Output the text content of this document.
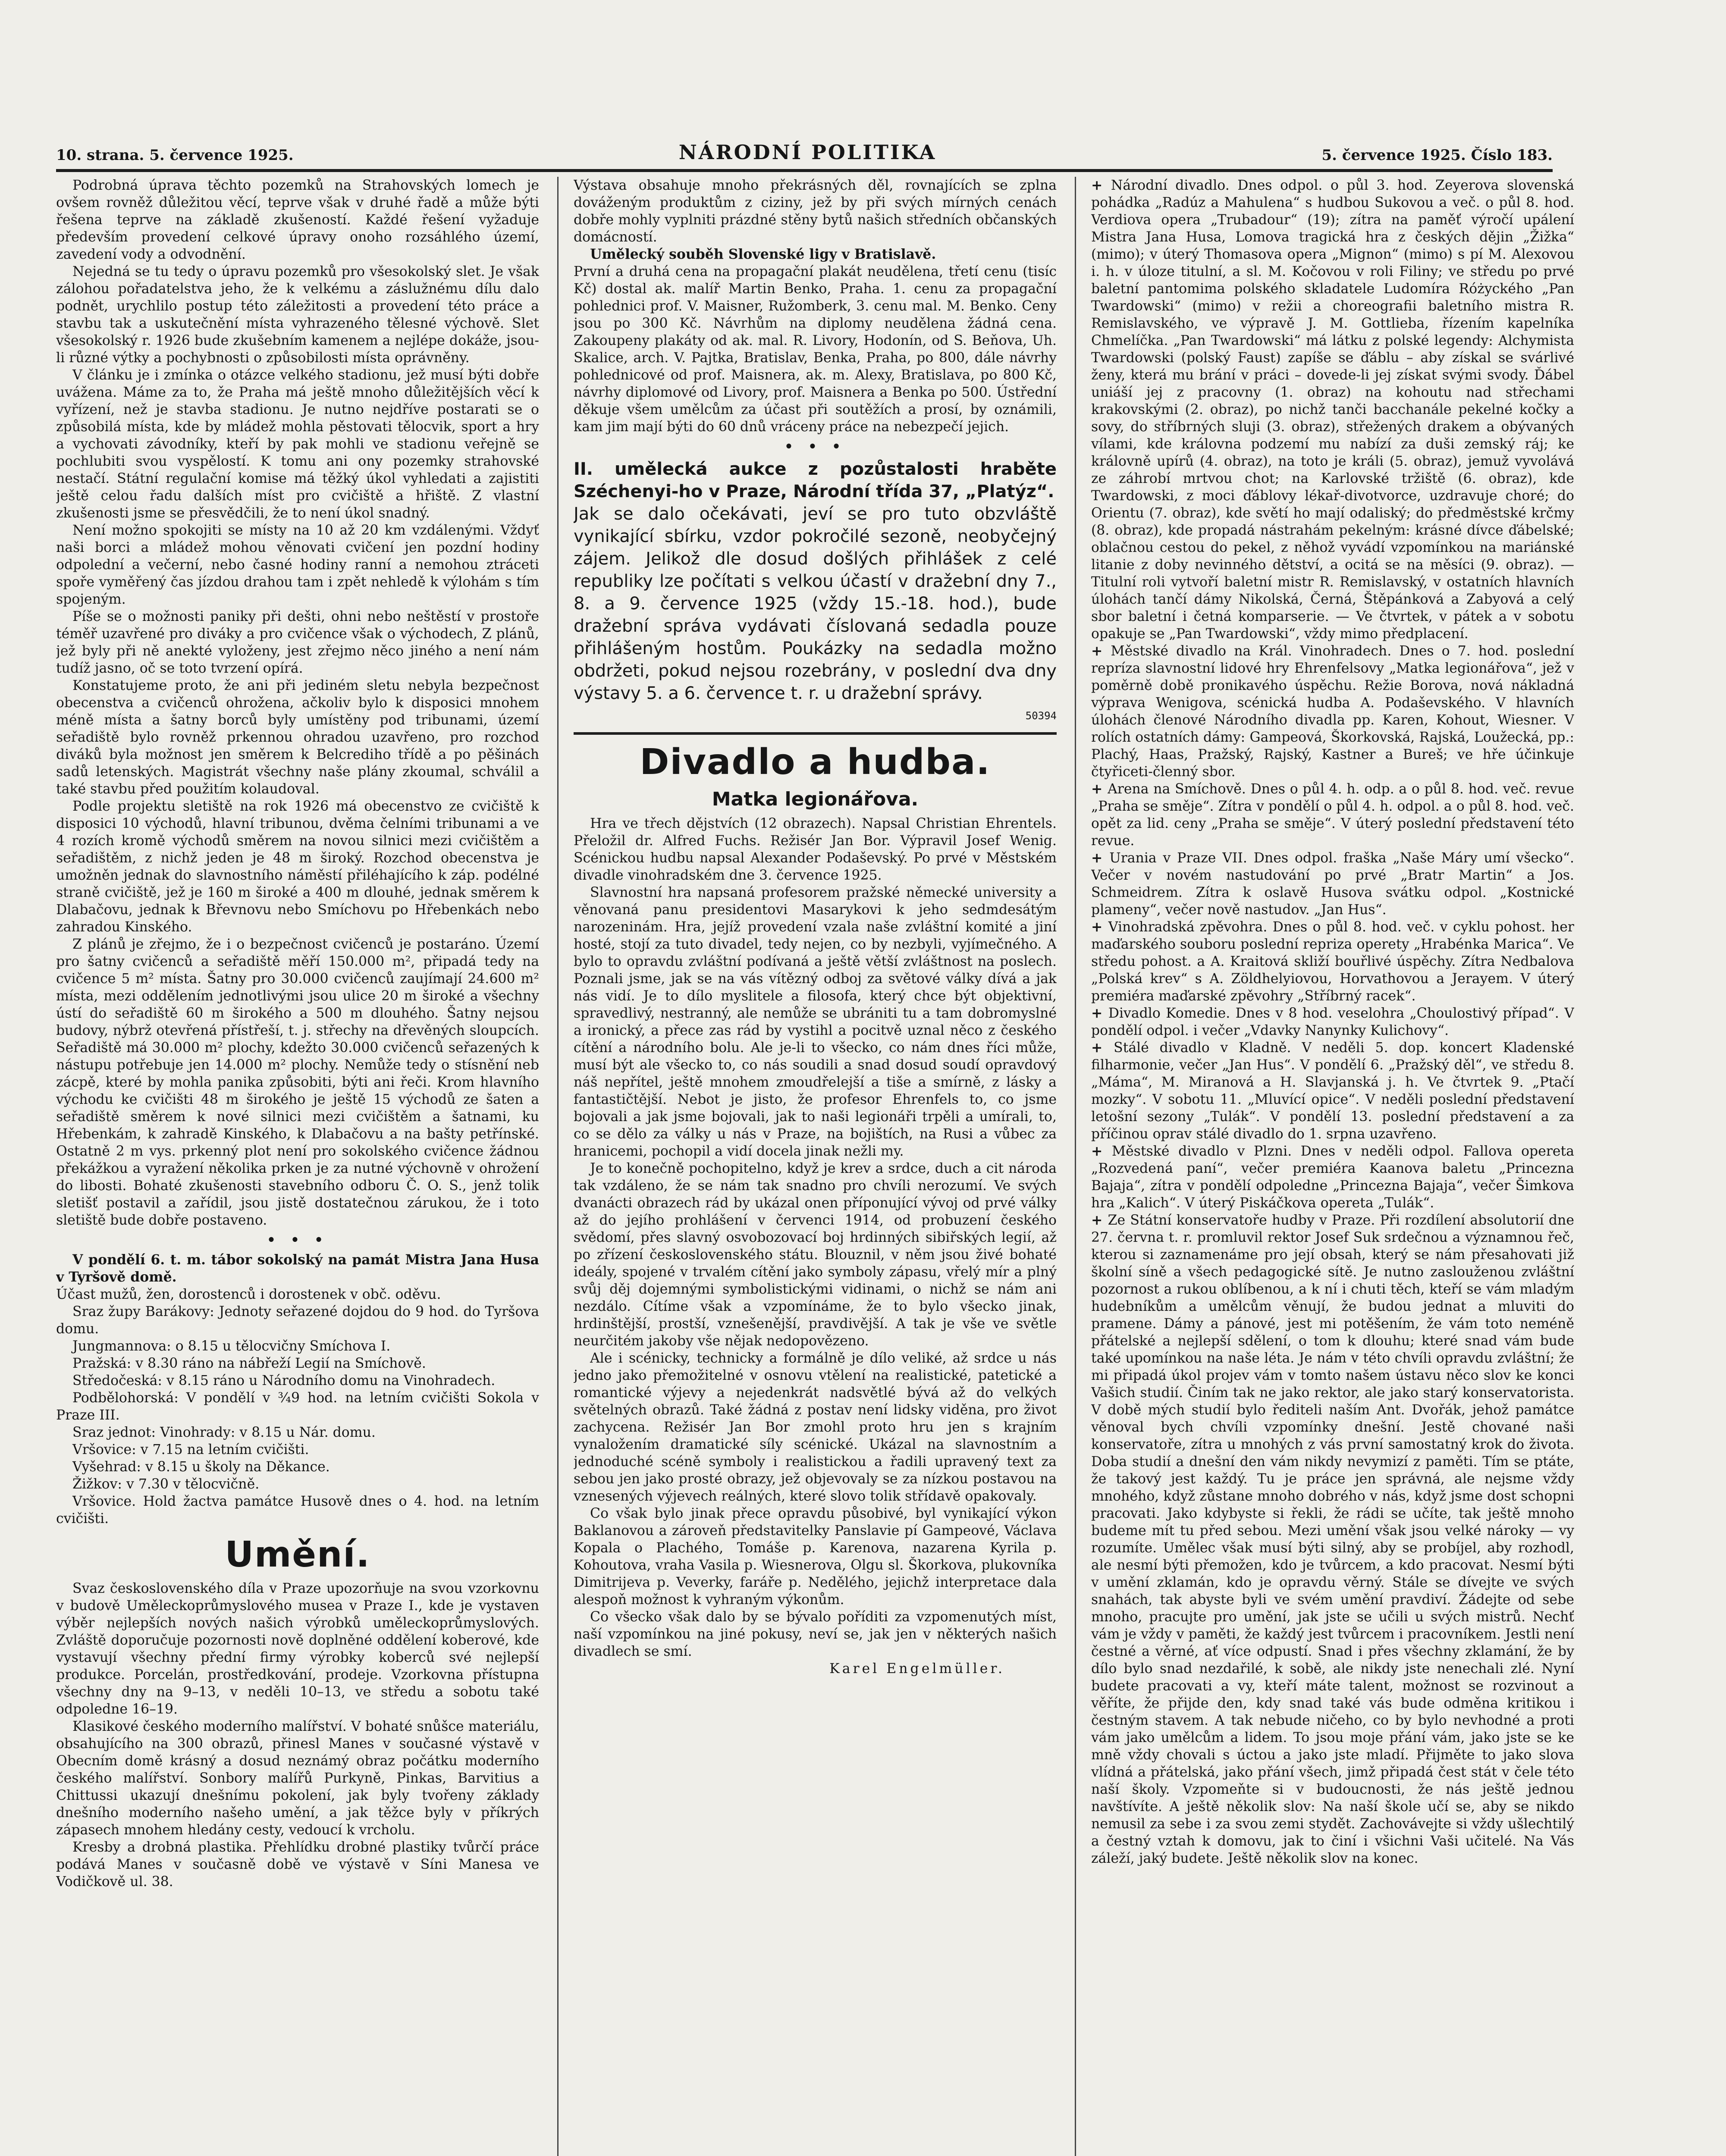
10. strana. 5. července 1925.	NÁRODNÍ POLITIKA	5. července 1925. Číslo 183.

Podrobná úprava těchto pozemků na Strahovských lomech je ovšem rovněž důležitou věcí, teprve však v druhé řadě a může býti řešena teprve na základě zkušeností. Každé řešení vyžaduje především provedení celkové úpravy onoho rozsáhlého území, zavedení vody a odvodnění.

Nejedná se tu tedy o úpravu pozemků pro všesokolský slet. Je však zálohou pořadatelstva jeho, že k velkému a záslužnému dílu dalo podnět, urychlilo postup této záležitosti a provedení této práce a stavbu tak a uskutečnění místa vyhrazeného tělesné výchově. Slet všesokolský r. 1926 bude zkušebním kamenem a nejlépe dokáže, jsou-li různé výtky a pochybnosti o způsobilosti místa oprávněny.

V článku je i zmínka o otázce velkého stadionu, jež musí býti dobře uvážena. Máme za to, že Praha má ještě mnoho důležitějších věcí k vyřízení, než je stavba stadionu. Je nutno nejdříve postarati se o způsobilá místa, kde by mládež mohla pěstovati tělocvik, sport a hry a vychovati závodníky, kteří by pak mohli ve stadionu veřejně se pochlubiti svou vyspělostí. K tomu ani ony pozemky strahovské nestačí. Státní regulační komise má těžký úkol vyhledati a zajistiti ještě celou řadu dalších míst pro cvičiště a hřiště. Z vlastní zkušenosti jsme se přesvědčili, že to není úkol snadný.

Není možno spokojiti se místy na 10 až 20 km vzdálenými. Vždyť naši borci a mládež mohou věnovati cvičení jen pozdní hodiny odpolední a večerní, nebo časné hodiny ranní a nemohou ztráceti spoře vyměřený čas jízdou drahou tam i zpět nehledě k výlohám s tím spojeným.

Píše se o možnosti paniky při dešti, ohni nebo neštěstí v prostoře téměř uzavřené pro diváky a pro cvičence však o východech, Z plánů, jež byly při ně anekté vyloženy, jest zřejmo něco jiného a není nám tudíž jasno, oč se toto tvrzení opírá.

Konstatujeme proto, že ani při jediném sletu nebyla bezpečnost obecenstva a cvičenců ohrožena, ačkoliv bylo k disposici mnohem méně místa a šatny borců byly umístěny pod tribunami, území seřadiště bylo rovněž prkennou ohradou uzavřeno, pro rozchod diváků byla možnost jen směrem k Belcrediho třídě a po pěšinách sadů letenských. Magistrát všechny naše plány zkoumal, schválil a také stavbu před použitím kolaudoval.

Podle projektu sletiště na rok 1926 má obecenstvo ze cvičiště k disposici 10 východů, hlavní tribunou, dvěma čelními tribunami a ve 4 rozích kromě východů směrem na novou silnici mezi cvičištěm a seřadištěm, z nichž jeden je 48 m široký. Rozchod obecenstva je umožněn jednak do slavnostního náměstí přiléhajícího k záp. podélné straně cvičiště, jež je 160 m široké a 400 m dlouhé, jednak směrem k Dlabačovu, jednak k Břevnovu nebo Smíchovu po Hřebenkách nebo zahradou Kinského.

Z plánů je zřejmo, že i o bezpečnost cvičenců je postaráno. Území pro šatny cvičenců a seřadiště měří 150.000 m², připadá tedy na cvičence 5 m² místa. Šatny pro 30.000 cvičenců zaujímají 24.600 m² místa, mezi oddělením jednotlivými jsou ulice 20 m široké a všechny ústí do seřadiště 60 m širokého a 500 m dlouhého. Šatny nejsou budovy, nýbrž otevřená přístřeší, t. j. střechy na dřevěných sloupcích. Seřadiště má 30.000 m² plochy, kdežto 30.000 cvičenců seřazených k nástupu potřebuje jen 14.000 m² plochy. Nemůže tedy o stísnění neb zácpě, které by mohla panika způsobiti, býti ani řeči. Krom hlavního východu ke cvičišti 48 m širokého je ještě 15 východů ze šaten a seřadiště směrem k nové silnici mezi cvičištěm a šatnami, ku Hřebenkám, k zahradě Kinského, k Dlabačovu a na bašty petřínské. Ostatně 2 m vys. prkenný plot není pro sokolského cvičence žádnou překážkou a vyražení několika prken je za nutné výchovně v ohrožení do libosti. Bohaté zkušenosti stavebního odboru Č. O. S., jenž tolik sletišť postavil a zařídil, jsou jistě dostatečnou zárukou, že i toto sletiště bude dobře postaveno.

• • •

V pondělí 6. t. m. tábor sokolský na památ Mistra Jana Husa v Tyršově domě.

Účast mužů, žen, dorostenců i dorostenek v obč. oděvu.

Sraz župy Barákovy: Jednoty seřazené dojdou do 9 hod. do Tyršova domu.

Jungmannova: o 8.15 u tělocvičny Smíchova I.

Pražská: v 8.30 ráno na nábřeží Legií na Smíchově.

Středočeská: v 8.15 ráno u Národního domu na Vinohradech.

Podbělohorská: V pondělí v ¾9 hod. na letním cvičišti Sokola v Praze III.

Sraz jednot: Vinohrady: v 8.15 u Nár. domu.

Vršovice: v 7.15 na letním cvičišti.

Vyšehrad: v 8.15 u školy na Děkance.

Žižkov: v 7.30 v tělocvičně.

Vršovice. Hold žactva památce Husově dnes o 4. hod. na letním cvičišti.

Umění.

Svaz československého díla v Praze upozorňuje na svou vzorkovnu v budově Uměleckoprůmyslového musea v Praze I., kde je vystaven výběr nejlepších nových našich výrobků uměleckoprůmyslových. Zvláště doporučuje pozornosti nově doplněné oddělení koberové, kde vystavují všechny přední firmy výrobky koberců své nejlepší produkce. Porcelán, prostředkování, prodeje. Vzorkovna přístupna všechny dny na 9–13, v neděli 10–13, ve středu a sobotu také odpoledne 16–19.

Klasikové českého moderního malířství. V bohaté snůšce materiálu, obsahujícího na 300 obrazů, přinesl Manes v současné výstavě v Obecním domě krásný a dosud neznámý obraz počátku moderního českého malířství. Sonbory malířů Purkyně, Pinkas, Barvitius a Chittussi ukazují dnešnímu pokolení, jak byly tvořeny základy dnešního moderního našeho umění, a jak těžce byly v příkrých zápasech mnohem hledány cesty, vedoucí k vrcholu.

Kresby a drobná plastika. Přehlídku drobné plastiky tvůrčí práce podává Manes v současně době ve výstavě v Síni Manesa ve Vodičkově ul. 38.

Výstava obsahuje mnoho překrásných děl, rovnajících se zplna dováženým produktům z ciziny, jež by při svých mírných cenách dobře mohly vyplniti prázdné stěny bytů našich středních občanských domácností.

Umělecký souběh Slovenské ligy v Bratislavě.

První a druhá cena na propagační plakát neudělena, třetí cenu (tisíc Kč) dostal ak. malíř Martin Benko, Praha. 1. cenu za propagační pohlednici prof. V. Maisner, Ružomberk, 3. cenu mal. M. Benko. Ceny jsou po 300 Kč. Návrhům na diplomy neudělena žádná cena. Zakoupeny plakáty od ak. mal. R. Livory, Hodonín, od S. Beňova, Uh. Skalice, arch. V. Pajtka, Bratislav, Benka, Praha, po 800, dále návrhy pohlednicové od prof. Maisnera, ak. m. Alexy, Bratislava, po 800 Kč, návrhy diplomové od Livory, prof. Maisnera a Benka po 500. Ústřední děkuje všem umělcům za účast při soutěžích a prosí, by oznámili, kam jim mají býti do 60 dnů vráceny práce na nebezpečí jejich.

• • •

II. umělecká aukce z pozůstalosti hraběte Széchenyi-ho v Praze, Národní třída 37, „Platýz“.

Jak se dalo očekávati, jeví se pro tuto obzvláště vynikající sbírku, vzdor pokročilé sezoně, neobyčejný zájem. Jelikož dle dosud došlých přihlášek z celé republiky lze počítati s velkou účastí v dražební dny 7., 8. a 9. července 1925 (vždy 15.-18. hod.), bude dražební správa vydávati číslovaná sedadla pouze přihlášeným hostům. Poukázky na sedadla možno obdržeti, pokud nejsou rozebrány, v poslední dva dny výstavy 5. a 6. července t. r. u dražební správy.

50394
Divadlo a hudba.
Matka legionářova.

Hra ve třech dějstvích (12 obrazech). Napsal Christian Ehrentels. Přeložil dr. Alfred Fuchs. Režisér Jan Bor. Výpravil Josef Wenig. Scénickou hudbu napsal Alexander Podaševský. Po prvé v Městském divadle vinohradském dne 3. července 1925.

Slavnostní hra napsaná profesorem pražské německé university a věnovaná panu presidentovi Masarykovi k jeho sedmdesátým narozeninám. Hra, jejíž provedení vzala naše zvláštní komité a jiní hosté, stojí za tuto divadel, tedy nejen, co by nezbyli, vyjímečného. A bylo to opravdu zvláštní podívaná a ještě větší zvláštnost na poslech. Poznali jsme, jak se na vás vítězný odboj za světové války dívá a jak nás vidí. Je to dílo myslitele a filosofa, který chce být objektivní, spravedlivý, nestranný, ale nemůže se ubrániti tu a tam dobromyslné a ironický, a přece zas rád by vystihl a pocitvě uznal něco z českého cítění a národního bolu. Ale je-li to všecko, co nám dnes říci může, musí být ale všecko to, co nás soudili a snad dosud soudí opravdový náš nepřítel, ještě mnohem zmoudřelejší a tiše a smírně, z lásky a fantastičtější. Nebot je jisto, že profesor Ehrenfels to, co jsme bojovali a jak jsme bojovali, jak to naši legionáři trpěli a umírali, to, co se dělo za války u nás v Praze, na bojištích, na Rusi a vůbec za hranicemi, pochopil a vidí docela jinak nežli my.

Je to konečně pochopitelno, když je krev a srdce, duch a cit národa tak vzdáleno, že se nám tak snadno pro chvíli nerozumí. Ve svých dvanácti obrazech rád by ukázal onen příponující vývoj od prvé války až do jejího prohlášení v červenci 1914, od probuzení českého svědomí, přes slavný osvobozovací boj hrdinných sibiřských legií, až po zřízení československého státu. Blouznil, v něm jsou živé bohaté ideály, spojené v trvalém cítění jako symboly zápasu, vřelý mír a plný svůj děj dojemnými symbolistickými vidinami, o nichž se nám ani nezdálo. Cítíme však a vzpomínáme, že to bylo všecko jinak, hrdinštější, prostší, vznešenější, pravdivější. A tak je vše ve světle neurčitém jakoby vše nějak nedopovězeno.

Ale i scénicky, technicky a formálně je dílo veliké, až srdce u nás jedno jako přemožitelné v osnovu vtělení na realistické, patetické a romantické výjevy a nejedenkrát nadsvětlé bývá až do velkých světelných obrazů. Také žádná z postav není lidsky viděna, pro život zachycena. Režisér Jan Bor zmohl proto hru jen s krajním vynaložením dramatické síly scénické. Ukázal na slavnostním a jednoduché scéně symboly i realistickou a řadili upravený text za sebou jen jako prosté obrazy, jež objevovaly se za nízkou postavou na vznesených výjevech reálných, které slovo tolik střídavě opakovaly.

Co však bylo jinak přece opravdu působivé, byl vynikající výkon Baklanovou a zároveň představitelky Panslavie pí Gampeové, Václava Kopala o Plachého, Tomáše p. Karenova, nazarena Kyrila p. Kohoutova, vraha Vasila p. Wiesnerova, Olgu sl. Škorkova, plukovníka Dimitrijeva p. Veverky, faráře p. Nedělého, jejichž interpretace dala alespoň možnost k vyhraným výkonům.

Co všecko však dalo by se bývalo poříditi za vzpomenutých míst, naší vzpomínkou na jiné pokusy, neví se, jak jen v některých našich divadlech se smí.

Karel Engelmüller.

+ Národní divadlo. Dnes odpol. o půl 3. hod. Zeyerova slovenská pohádka „Radúz a Mahulena“ s hudbou Sukovou a več. o půl 8. hod. Verdiova opera „Trubadour“ (19); zítra na paměť výročí upálení Mistra Jana Husa, Lomova tragická hra z českých dějin „Žižka“ (mimo); v úterý Thomasova opera „Mignon“ (mimo) s pí M. Alexovou i. h. v úloze titulní, a sl. M. Kočovou v roli Filiny; ve středu po prvé baletní pantomima polského skladatele Ludomíra Różyckého „Pan Twardowski“ (mimo) v režii a choreografii baletního mistra R. Remislavského, ve výpravě J. M. Gottlieba, řízením kapelníka Chmelíčka. „Pan Twardowski“ má látku z polské legendy: Alchymista Twardowski (polský Faust) zapíše se ďáblu – aby získal se svárlivé ženy, která mu brání v práci – dovede-li jej získat svými svody. Ďábel uniáší jej z pracovny (1. obraz) na kohoutu nad střechami krakovskými (2. obraz), po nichž tanči bacchanále pekelné kočky a sovy, do stříbrných sluji (3. obraz), střežených drakem a obývaných vílami, kde královna podzemí mu nabízí za duši zemský ráj; ke královně upírů (4. obraz), na toto je králi (5. obraz), jemuž vyvolává ze záhrobí mrtvou chot; na Karlovské tržiště (6. obraz), kde Twardowski, z moci ďáblovy lékař-divotvorce, uzdravuje choré; do Orientu (7. obraz), kde světí ho mají odaliský; do předměstské krčmy (8. obraz), kde propadá nástrahám pekelným: krásné dívce ďábelské; oblačnou cestou do pekel, z něhož vyvádí vzpomínkou na mariánské litanie z doby nevinného dětství, a ocitá se na měsíci (9. obraz). — Titulní roli vytvoří baletní mistr R. Remislavský, v ostatních hlavních úlohách tančí dámy Nikolská, Černá, Štěpánková a Zabyová a celý sbor baletní i četná komparserie. — Ve čtvrtek, v pátek a v sobotu opakuje se „Pan Twardowski“, vždy mimo předplacení.

+ Městské divadlo na Král. Vinohradech. Dnes o 7. hod. poslední repríza slavnostní lidové hry Ehrenfelsovy „Matka legionářova“, jež v poměrně době pronikavého úspěchu. Režie Borova, nová nákladná výprava Wenigova, scénická hudba A. Podaševského. V hlavních úlohách členové Národního divadla pp. Karen, Kohout, Wiesner. V rolích ostatních dámy: Gampeová, Škorkovská, Rajská, Loužecká, pp.: Plachý, Haas, Pražský, Rajský, Kastner a Bureš; ve hře účinkuje čtyřiceti-členný sbor.

+ Arena na Smíchově. Dnes o půl 4. h. odp. a o půl 8. hod. več. revue „Praha se směje“. Zítra v pondělí o půl 4. h. odpol. a o půl 8. hod. več. opět za lid. ceny „Praha se směje“. V úterý poslední představení této revue.

+ Urania v Praze VII. Dnes odpol. fraška „Naše Máry umí všecko“. Večer v novém nastudování po prvé „Bratr Martin“ a Jos. Schmeidrem. Zítra k oslavě Husova svátku odpol. „Kostnické plameny“, večer nově nastudov. „Jan Hus“.

+ Vinohradská zpěvohra. Dnes o půl 8. hod. več. v cyklu pohost. her maďarského souboru poslední repriza operety „Hrabénka Marica“. Ve středu pohost. a A. Kraitová skliží bouřlivé úspěchy. Zítra Nedbalova „Polská krev“ s A. Zöldhelyiovou, Horvathovou a Jerayem. V úterý premiéra maďarské zpěvohry „Stříbrný racek“.

+ Divadlo Komedie. Dnes v 8 hod. veselohra „Choulostivý případ“. V pondělí odpol. i večer „Vdavky Nanynky Kulichovy“.

+ Stálé divadlo v Kladně. V neděli 5. dop. koncert Kladenské filharmonie, večer „Jan Hus“. V pondělí 6. „Pražský děl“, ve středu 8. „Máma“, M. Miranová a H. Slavjanská j. h. Ve čtvrtek 9. „Ptačí mozky“. V sobotu 11. „Mluvící opice“. V neděli poslední představení letošní sezony „Tulák“. V pondělí 13. poslední představení a za příčinou oprav stálé divadlo do 1. srpna uzavřeno.

+ Městské divadlo v Plzni. Dnes v neděli odpol. Fallova opereta „Rozvedená paní“, večer premiéra Kaanova baletu „Princezna Bajaja“, zítra v pondělí odpoledne „Princezna Bajaja“, večer Šimkova hra „Kalich“. V úterý Piskáčkova opereta „Tulák“.

+ Ze Státní konservatoře hudby v Praze. Při rozdílení absolutorií dne 27. června t. r. promluvil rektor Josef Suk srdečnou a významnou řeč, kterou si zaznamenáme pro její obsah, který se nám přesahovati již školní síně a všech pedagogické sítě. Je nutno zaslouženou zvláštní pozornost a rukou oblíbenou, a k ní i chuti těch, kteří se vám mladým hudebníkům a umělcům věnují, že budou jednat a mluviti do pramene. Dámy a pánové, jest mi potěšením, že vám toto neméně přátelské a nejlepší sdělení, o tom k dlouhu; které snad vám bude také upomínkou na naše léta. Je nám v této chvíli opravdu zvláštní; že mi připadá úkol projev vám v tomto našem ústavu něco slov ke konci Vašich studií. Činím tak ne jako rektor, ale jako starý konservatorista. V době mých studií bylo řediteli naším Ant. Dvořák, jehož památce věnoval bych chvíli vzpomínky dnešní. Jestě chované naši konservatoře, zítra u mnohých z vás první samostatný krok do života. Doba studií a dnešní den vám nikdy nevymizí z paměti. Tím se ptáte, že takový jest každý. Tu je práce jen správná, ale nejsme vždy mnohého, když zůstane mnoho dobrého v nás, když jsme dost schopni pracovati. Jako kdybyste si řekli, že rádi se učíte, tak ještě mnoho budeme mít tu před sebou. Mezi umění však jsou velké nároky — vy rozumíte. Umělec však musí býti silný, aby se probíjel, aby rozhodl, ale nesmí býti přemožen, kdo je tvůrcem, a kdo pracovat. Nesmí býti v umění zklamán, kdo je opravdu věrný. Stále se dívejte ve svých snahách, tak abyste byli ve svém umění pravdiví. Žádejte od sebe mnoho, pracujte pro umění, jak jste se učili u svých mistrů. Nechť vám je vždy v paměti, že každý jest tvůrcem i pracovníkem. Jestli není čestné a věrné, ať více odpustí. Snad i přes všechny zklamání, že by dílo bylo snad nezdařilé, k sobě, ale nikdy jste nenechali zlé. Nyní budete pracovati a vy, kteří máte talent, možnost se rozvinout a věříte, že přijde den, kdy snad také vás bude odměna kritikou i čestným stavem. A tak nebude ničeho, co by bylo nevhodné a proti vám jako umělcům a lidem. To jsou moje přání vám, jako jste se ke mně vždy chovali s úctou a jako jste mladí. Přijměte to jako slova vlídná a přátelská, jako přání všech, jimž připadá čest stát v čele této naší školy. Vzpomeňte si v budoucnosti, že nás ještě jednou navštívíte. A ještě několik slov: Na naší škole učí se, aby se nikdo nemusil za sebe i za svou zemi stydět. Zachovávejte si vždy ušlechtilý a čestný vztah k domovu, jak to činí i všichni Vaši učitelé. Na Vás záleží, jaký budete. Ještě několik slov na konec.
